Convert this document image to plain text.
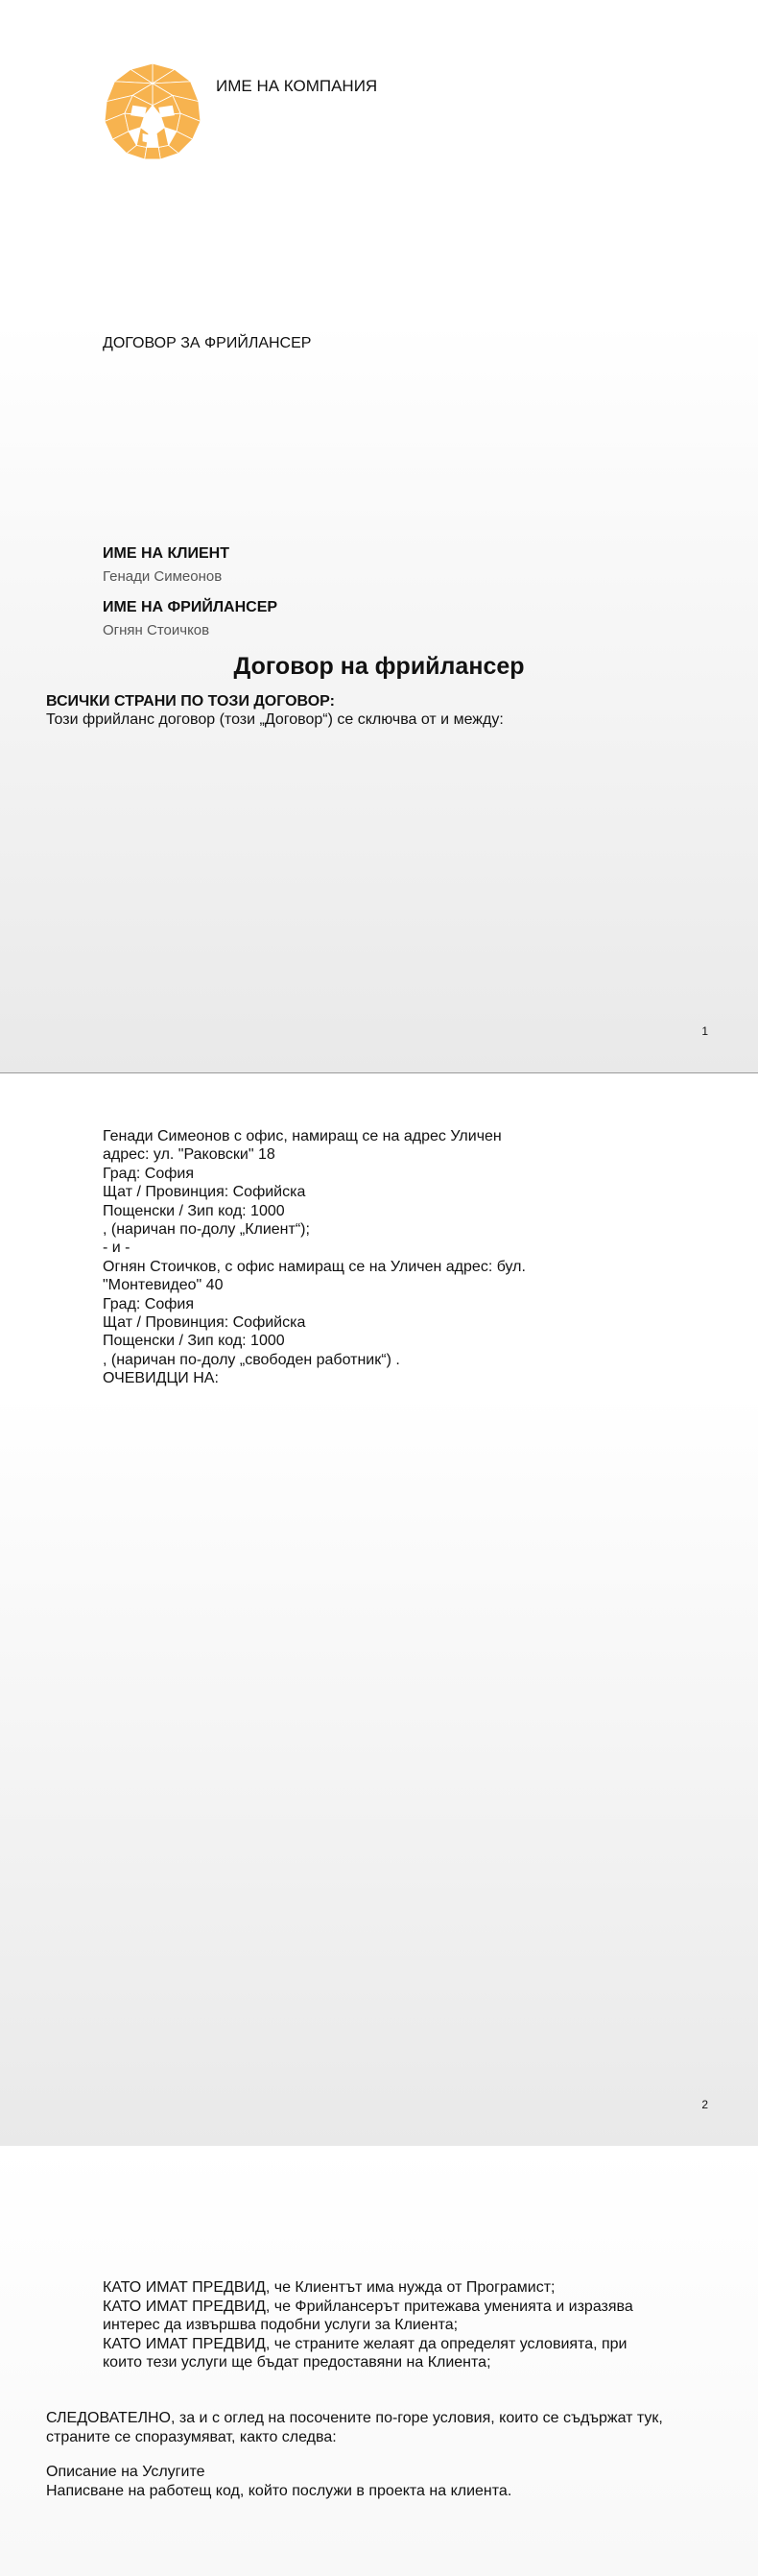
ИМЕ НА КОМПАНИЯ

ДОГОВОР ЗА ФРИЙЛАНСЕР

ИМЕ НА КЛИЕНТ

Генади Симеонов

ИМЕ НА ФРИЙЛАНСЕР

Огнян Стоичков

Договор на фрийлансер

ВСИЧКИ СТРАНИ ПО ТОЗИ ДОГОВОР:

Този фрийланс договор (този „Договор“) се сключва от и между:

1

Генади Симеонов с офис, намиращ се на адрес Уличен
адрес: ул. "Раковски" 18
Град: София
Щат / Провинция: Софийска
Пощенски / Зип код: 1000
, (наричан по-долу „Клиент“);
- и -
Огнян Стоичков, с офис намиращ се на Уличен адрес: бул.
"Монтевидео" 40
Град: София
Щат / Провинция: Софийска
Пощенски / Зип код: 1000
, (наричан по-долу „свободен работник“) .
ОЧЕВИДЦИ НА:

2

КАТО ИМАТ ПРЕДВИД, че Клиентът има нужда от Програмист;
КАТО ИМАТ ПРЕДВИД, че Фрийлансерът притежава уменията и изразява
интерес да извършва подобни услуги за Клиента;
КАТО ИМАТ ПРЕДВИД, че страните желаят да определят условията, при
които тези услуги ще бъдат предоставяни на Клиента;
СЛЕДОВАТЕЛНО, за и с оглед на посочените по-горе условия, които се съдържат тук,
страните се споразумяват, както следва:
Описание на Услугите
Написване на работещ код, който послужи в проекта на клиента.
